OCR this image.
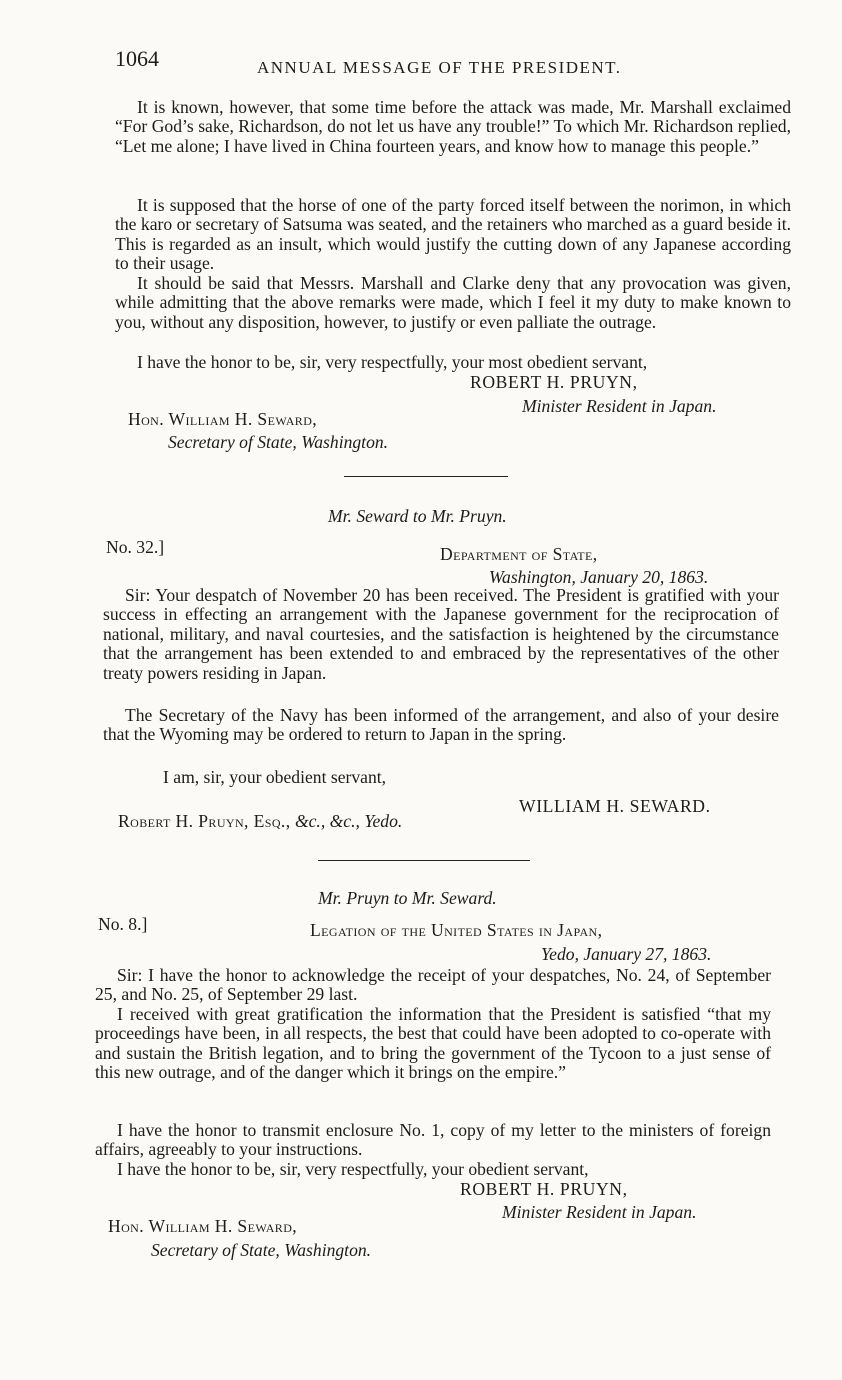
1064	ANNUAL MESSAGE OF THE PRESIDENT.

It is known, however, that some time before the attack was made, Mr. Marshall exclaimed “For God’s sake, Richardson, do not let us have any trouble!” To which Mr. Richardson replied, “Let me alone; I have lived in China fourteen years, and know how to manage this people.”

It is supposed that the horse of one of the party forced itself between the norimon, in which the karo or secretary of Satsuma was seated, and the retainers who marched as a guard beside it. This is regarded as an insult, which would justify the cutting down of any Japanese according to their usage.

It should be said that Messrs. Marshall and Clarke deny that any provocation was given, while admitting that the above remarks were made, which I feel it my duty to make known to you, without any disposition, however, to justify or even palliate the outrage.

I have the honor to be, sir, very respectfully, your most obedient servant,

ROBERT H. PRUYN,
Minister Resident in Japan.
Hon. William H. Seward,
Secretary of State, Washington.
Mr. Seward to Mr. Pruyn.
No. 32.]	Department of State,
Washington, January 20, 1863.

Sir: Your despatch of November 20 has been received. The President is gratified with your success in effecting an arrangement with the Japanese government for the reciprocation of national, military, and naval courtesies, and the satisfaction is heightened by the circumstance that the arrangement has been extended to and embraced by the representatives of the other treaty powers residing in Japan.

The Secretary of the Navy has been informed of the arrangement, and also of your desire that the Wyoming may be ordered to return to Japan in the spring.

I am, sir, your obedient servant,
WILLIAM H. SEWARD.
Robert H. Pruyn, Esq., &c., &c., Yedo.
Mr. Pruyn to Mr. Seward.
No. 8.]	Legation of the United States in Japan,
Yedo, January 27, 1863.

Sir: I have the honor to acknowledge the receipt of your despatches, No. 24, of September 25, and No. 25, of September 29 last.

I received with great gratification the information that the President is satisfied “that my proceedings have been, in all respects, the best that could have been adopted to co-operate with and sustain the British legation, and to bring the government of the Tycoon to a just sense of this new outrage, and of the danger which it brings on the empire.”

I have the honor to transmit enclosure No. 1, copy of my letter to the ministers of foreign affairs, agreeably to your instructions.

I have the honor to be, sir, very respectfully, your obedient servant,

ROBERT H. PRUYN,
Minister Resident in Japan.
Hon. William H. Seward,
Secretary of State, Washington.
